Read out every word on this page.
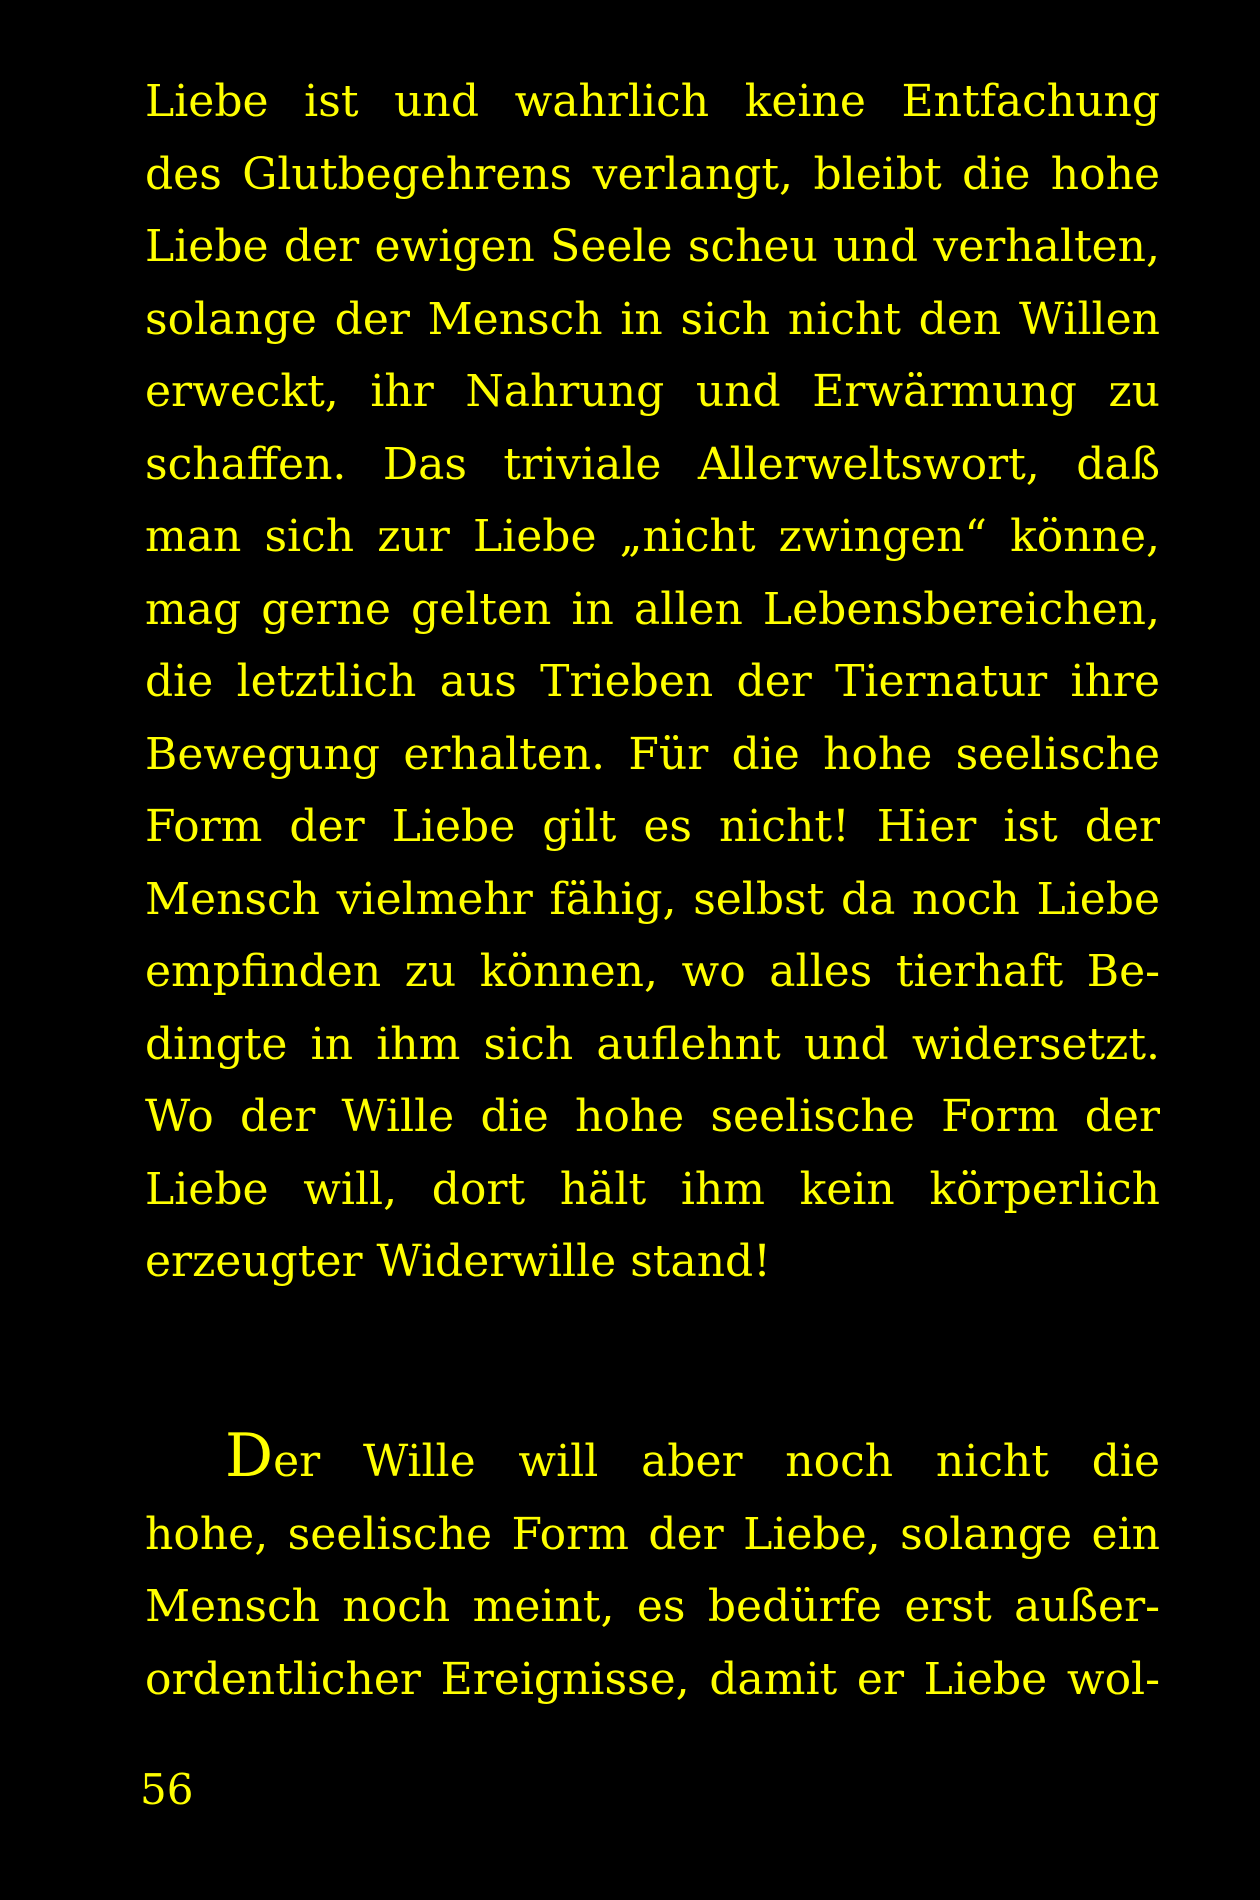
Liebe ist und wahrlich keine Entfachung
des Glutbegehrens verlangt, bleibt die hohe
Liebe der ewigen Seele scheu und verhalten,
solange der Mensch in sich nicht den Willen
erweckt, ihr Nahrung und Erwärmung zu
schaffen. Das triviale Allerweltswort, daß
man sich zur Liebe „nicht zwingen“ könne,
mag gerne gelten in allen Lebensbereichen,
die letztlich aus Trieben der Tiernatur ihre
Bewegung erhalten. Für die hohe seelische
Form der Liebe gilt es nicht! Hier ist der
Mensch vielmehr fähig, selbst da noch Liebe
empfinden zu können, wo alles tierhaft Be-
dingte in ihm sich auflehnt und widersetzt.
Wo der Wille die hohe seelische Form der
Liebe will, dort hält ihm kein körperlich
erzeugter Widerwille stand!
Der Wille will aber noch nicht die
hohe, seelische Form der Liebe, solange ein
Mensch noch meint, es bedürfe erst außer-
ordentlicher Ereignisse, damit er Liebe wol-
56
